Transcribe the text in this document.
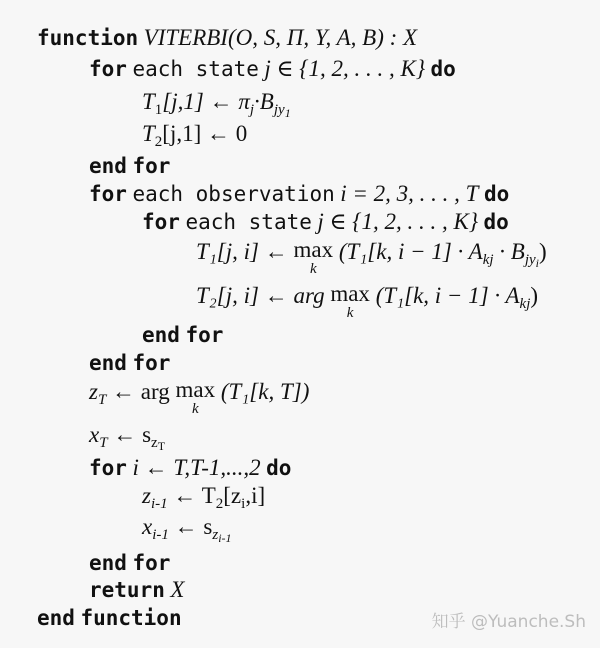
function VITERBI(O, S, Π, Y, A, B) : X
for each state j ∈ {1, 2, . . . , K} do
$T_1[j,1]$ ← $\pi_j\cdot B_{jy_1}$
$T_2[j,1]$ ← 0
end for
for each observation i = 2, 3, . . . , T do
for each state j ∈ {1, 2, . . . , K} do
T₁[j, i] ← max
k
(T₁[k, $i - 1] \cdot A_{kj} \cdot B_{jy_i}$)
T₂[j, i] ← arg max
k
(T₁[k, $i - 1] \cdot A_{kj}$)
end for
end for
$z_T$ ← arg max
k
(T₁[k, T])
$x_T$ ← $s_{z_T}$
for i ← T,T-1,...,2 do
$z_{i-1}$ ← $T_2[z_i,i]$
$x_{i-1}$ ← $s_{z_{i-1}}$
end for
return X
end function	知乎 @Yuanche.Sh
